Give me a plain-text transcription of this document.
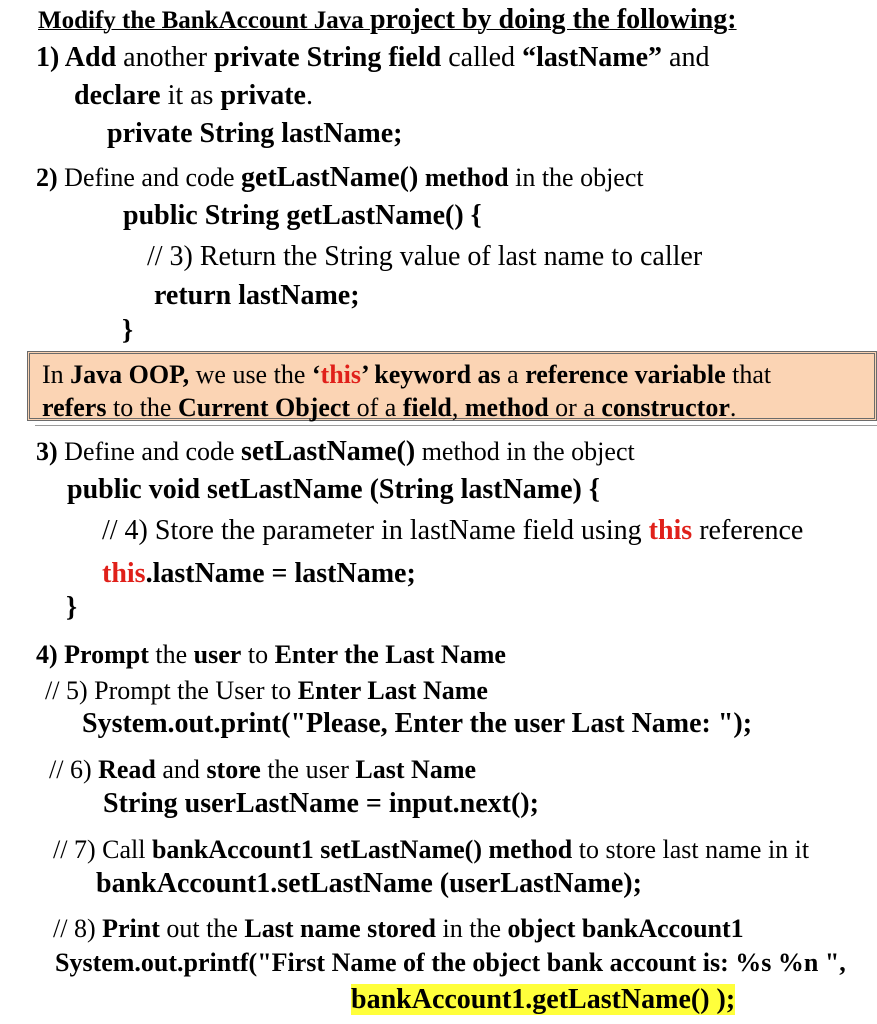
Modify the BankAccount Java project by doing the following:
1) Add another private String field called “lastName” and
declare it as private.
private String lastName;
2) Define and code getLastName() method in the object
public String getLastName() {
// 3) Return the String value of last name to caller
return lastName;
}
In Java OOP, we use the ‘this’ keyword as a reference variable that
refers to the Current Object of a field, method or a constructor.
3) Define and code setLastName() method in the object
public void setLastName (String lastName) {
// 4) Store the parameter in lastName field using this reference
this.lastName = lastName;
}
4) Prompt the user to Enter the Last Name
// 5) Prompt the User to Enter Last Name
System.out.print("Please, Enter the user Last Name: ");
// 6) Read and store the user Last Name
String userLastName = input.next();
// 7) Call bankAccount1 setLastName() method to store last name in it
bankAccount1.setLastName (userLastName);
// 8) Print out the Last name stored in the object bankAccount1
System.out.printf("First Name of the object bank account is: %s %n ",
bankAccount1.getLastName() );
